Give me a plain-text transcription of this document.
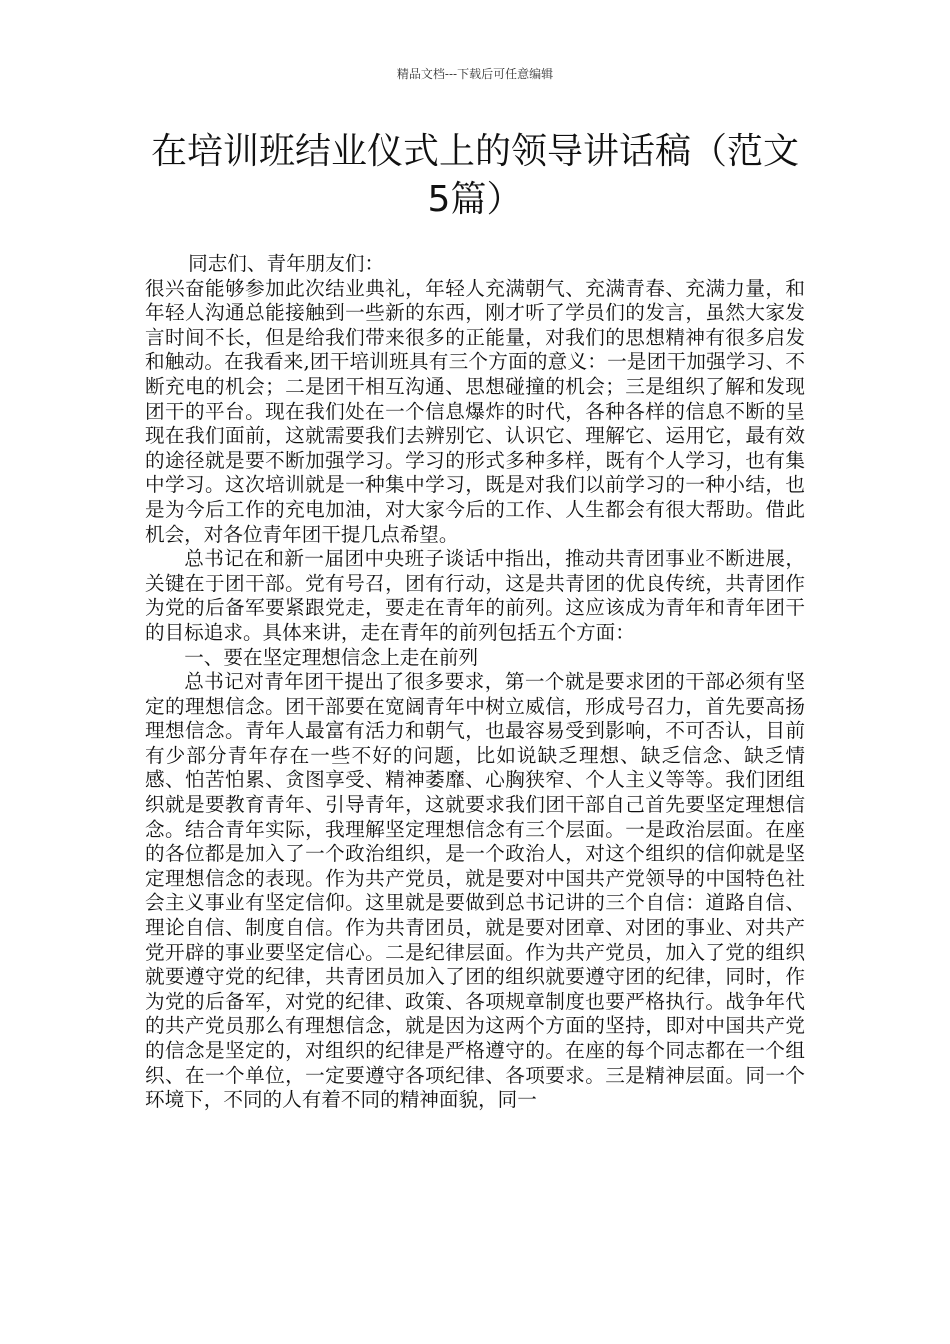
精品文档---下载后可任意编辑
在培训班结业仪式上的领导讲话稿（范文5篇）

同志们、青年朋友们：

很兴奋能够参加此次结业典礼，年轻人充满朝气、充满青春、充满力量，和年轻人沟通总能接触到一些新的东西，刚才听了学员们的发言，虽然大家发言时间不长，但是给我们带来很多的正能量，对我们的思想精神有很多启发和触动。在我看来,团干培训班具有三个方面的意义：一是团干加强学习、不断充电的机会；二是团干相互沟通、思想碰撞的机会；三是组织了解和发现团干的平台。现在我们处在一个信息爆炸的时代，各种各样的信息不断的呈现在我们面前，这就需要我们去辨别它、认识它、理解它、运用它，最有效的途径就是要不断加强学习。学习的形式多种多样，既有个人学习，也有集中学习。这次培训就是一种集中学习，既是对我们以前学习的一种小结，也是为今后工作的充电加油，对大家今后的工作、人生都会有很大帮助。借此机会，对各位青年团干提几点希望。

总书记在和新一届团中央班子谈话中指出，推动共青团事业不断进展，关键在于团干部。党有号召，团有行动，这是共青团的优良传统，共青团作为党的后备军要紧跟党走，要走在青年的前列。这应该成为青年和青年团干的目标追求。具体来讲，走在青年的前列包括五个方面：

一、要在坚定理想信念上走在前列

总书记对青年团干提出了很多要求，第一个就是要求团的干部必须有坚定的理想信念。团干部要在宽阔青年中树立威信，形成号召力，首先要高扬理想信念。青年人最富有活力和朝气，也最容易受到影响，不可否认，目前有少部分青年存在一些不好的问题，比如说缺乏理想、缺乏信念、缺乏情感、怕苦怕累、贪图享受、精神萎靡、心胸狭窄、个人主义等等。我们团组织就是要教育青年、引导青年，这就要求我们团干部自己首先要坚定理想信念。结合青年实际，我理解坚定理想信念有三个层面。一是政治层面。在座的各位都是加入了一个政治组织，是一个政治人，对这个组织的信仰就是坚定理想信念的表现。作为共产党员，就是要对中国共产党领导的中国特色社会主义事业有坚定信仰。这里就是要做到总书记讲的三个自信：道路自信、理论自信、制度自信。作为共青团员，就是要对团章、对团的事业、对共产党开辟的事业要坚定信心。二是纪律层面。作为共产党员，加入了党的组织就要遵守党的纪律，共青团员加入了团的组织就要遵守团的纪律，同时，作为党的后备军，对党的纪律、政策、各项规章制度也要严格执行。战争年代的共产党员那么有理想信念，就是因为这两个方面的坚持，即对中国共产党的信念是坚定的，对组织的纪律是严格遵守的。在座的每个同志都在一个组织、在一个单位，一定要遵守各项纪律、各项要求。三是精神层面。同一个环境下，不同的人有着不同的精神面貌，同一
